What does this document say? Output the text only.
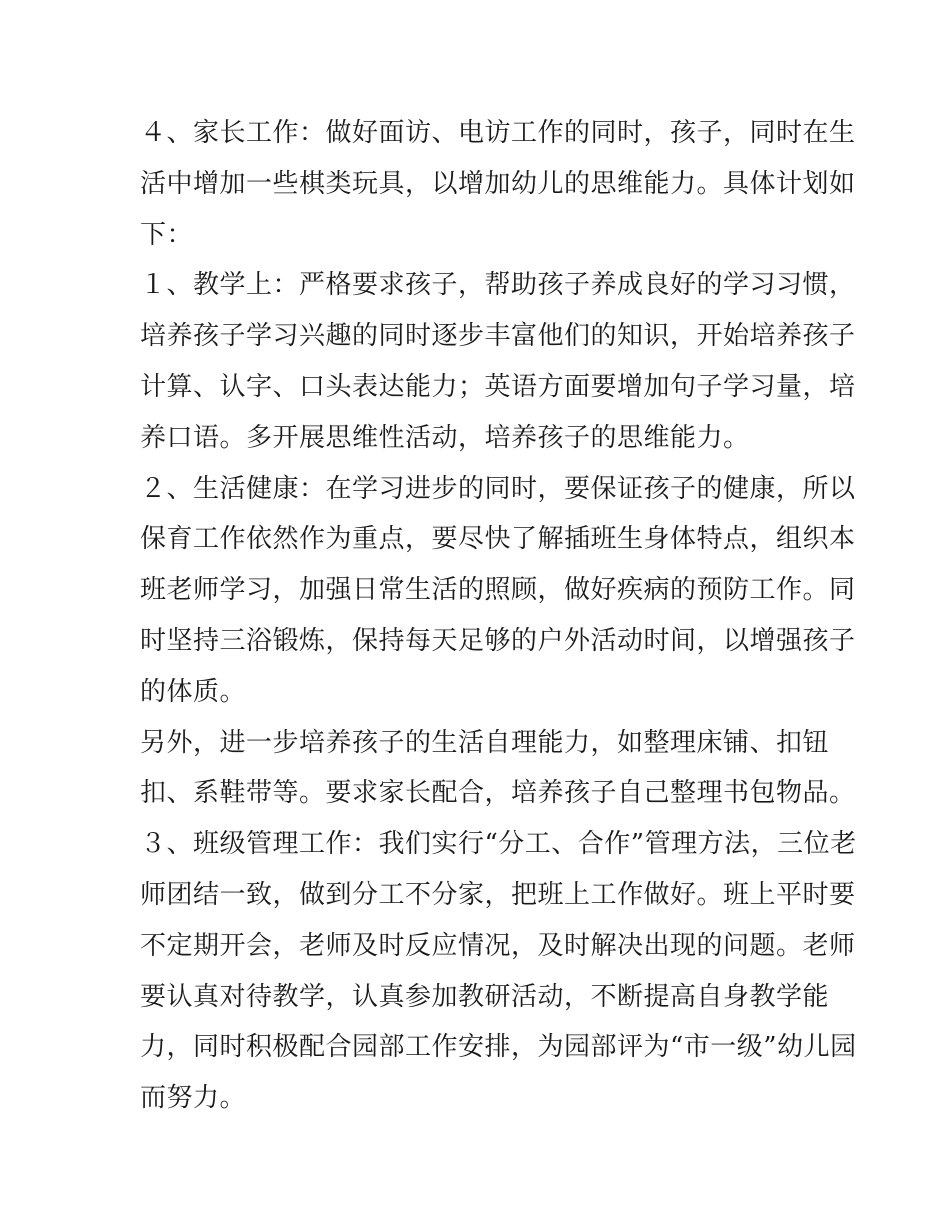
４、家长工作：做好面访、电访工作的同时，孩子，同时在生
活中增加一些棋类玩具，以增加幼儿的思维能力。具体计划如
下：
１、教学上：严格要求孩子，帮助孩子养成良好的学习习惯，
培养孩子学习兴趣的同时逐步丰富他们的知识，开始培养孩子
计算、认字、口头表达能力；英语方面要增加句子学习量，培
养口语。多开展思维性活动，培养孩子的思维能力。
２、生活健康：在学习进步的同时，要保证孩子的健康，所以
保育工作依然作为重点，要尽快了解插班生身体特点，组织本
班老师学习，加强日常生活的照顾，做好疾病的预防工作。同
时坚持三浴锻炼，保持每天足够的户外活动时间，以增强孩子
的体质。
另外，进一步培养孩子的生活自理能力，如整理床铺、扣钮
扣、系鞋带等。要求家长配合，培养孩子自己整理书包物品。
３、班级管理工作：我们实行“分工、合作”管理方法，三位老
师团结一致，做到分工不分家，把班上工作做好。班上平时要
不定期开会，老师及时反应情况，及时解决出现的问题。老师
要认真对待教学，认真参加教研活动，不断提高自身教学能
力，同时积极配合园部工作安排，为园部评为“市一级”幼儿园
而努力。
